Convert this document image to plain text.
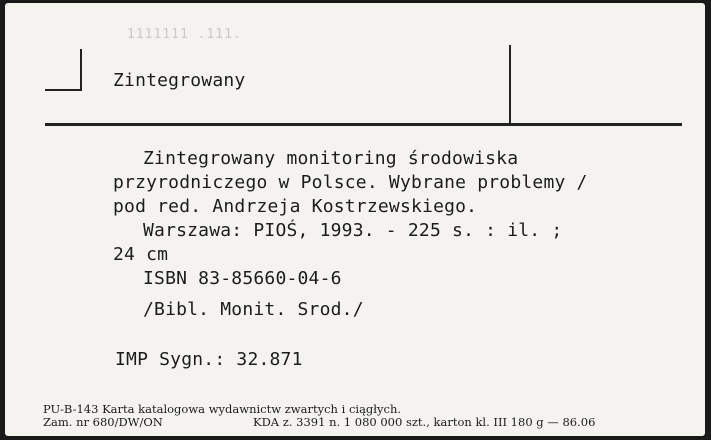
1111111 .111.
Zintegrowany
Zintegrowany monitoring środowiska
przyrodniczego w Polsce. Wybrane problemy /
pod red. Andrzeja Kostrzewskiego.
Warszawa: PIOŚ, 1993. - 225 s. : il. ;
24 cm
ISBN 83-85660-04-6
/Bibl. Monit. Srod./
IMP Sygn.: 32.871
PU-B-143 Karta katalogowa wydawnictw zwartych i ciągłych.
Zam. nr 680/DW/ON	KDA z. 3391 n. 1 080 000 szt., karton kl. III 180 g — 86.06
